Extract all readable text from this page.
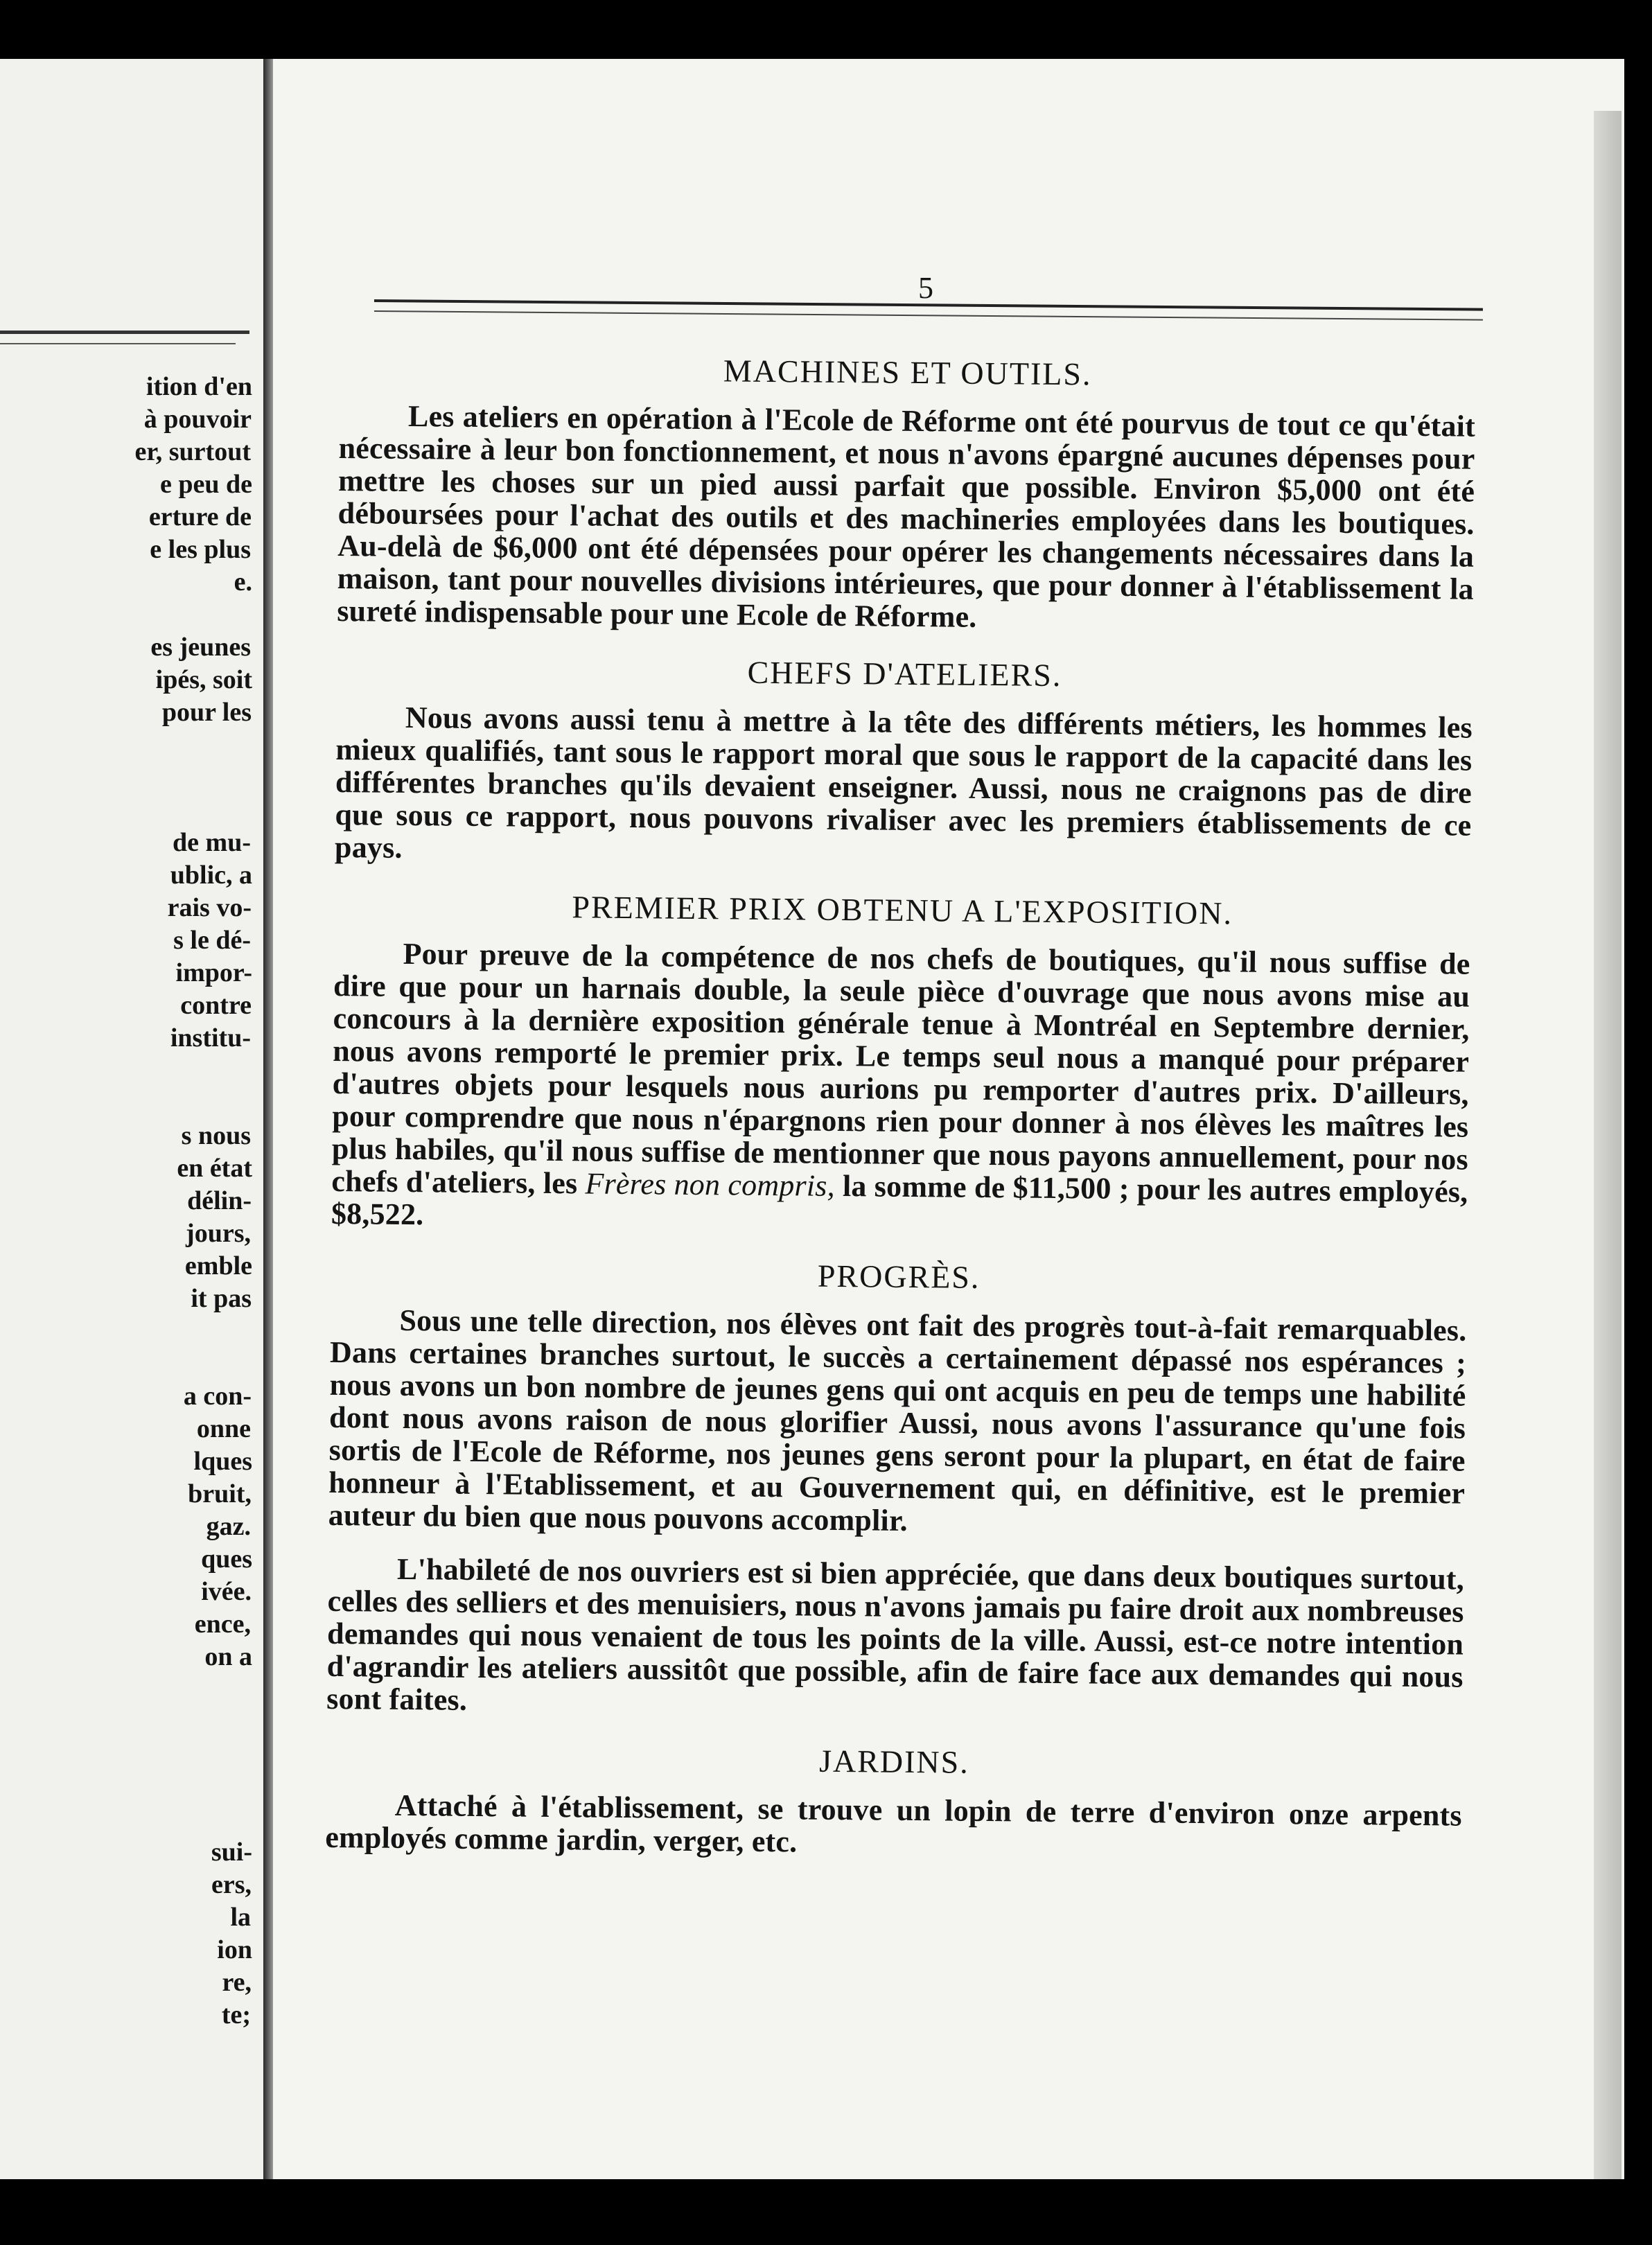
ition d'en
à pouvoir
er, surtout
e peu de
erture de
e les plus
e.
es jeunes
ipés, soit
pour les
de mu-
ublic, a
rais vo-
s le dé-
impor-
contre
institu-
s nous
en état
délin-
jours,
emble
it pas
a con-
onne
lques
bruit,
gaz.
ques
ivée.
ence,
on a
sui-
ers,
la
ion
re,
te;
5
MACHINES ET OUTILS.

Les ateliers en opération à l'Ecole de Réforme ont été pourvus de tout ce qu'était nécessaire à leur bon fonctionnement, et nous n'avons épargné aucunes dépenses pour mettre les choses sur un pied aussi parfait que possible. Environ $5,000 ont été déboursées pour l'achat des outils et des machineries employées dans les boutiques. Au-delà de $6,000 ont été dépensées pour opérer les changements nécessaires dans la maison, tant pour nouvelles divisions intérieures, que pour donner à l'établissement la sureté indispensable pour une Ecole de Réforme.

CHEFS D'ATELIERS.

Nous avons aussi tenu à mettre à la tête des différents métiers, les hommes les mieux qualifiés, tant sous le rapport moral que sous le rapport de la capacité dans les différentes branches qu'ils devaient enseigner. Aussi, nous ne craignons pas de dire que sous ce rapport, nous pouvons rivaliser avec les premiers établissements de ce pays.

PREMIER PRIX OBTENU A L'EXPOSITION.

Pour preuve de la compétence de nos chefs de boutiques, qu'il nous suffise de dire que pour un harnais double, la seule pièce d'ouvrage que nous avons mise au concours à la dernière exposition générale tenue à Montréal en Septembre dernier, nous avons remporté le premier prix. Le temps seul nous a manqué pour préparer d'autres objets pour lesquels nous aurions pu remporter d'autres prix. D'ailleurs, pour comprendre que nous n'épargnons rien pour donner à nos élèves les maîtres les plus habiles, qu'il nous suffise de mentionner que nous payons annuellement, pour nos chefs d'ateliers, les Frères non compris, la somme de $11,500 ; pour les autres employés, $8,522.

PROGRÈS.

Sous une telle direction, nos élèves ont fait des progrès tout-à-fait remarquables. Dans certaines branches surtout, le succès a certainement dépassé nos espérances ; nous avons un bon nombre de jeunes gens qui ont acquis en peu de temps une habilité dont nous avons raison de nous glorifier Aussi, nous avons l'assurance qu'une fois sortis de l'Ecole de Réforme, nos jeunes gens seront pour la plupart, en état de faire honneur à l'Etablissement, et au Gouvernement qui, en définitive, est le premier auteur du bien que nous pouvons accomplir.

L'habileté de nos ouvriers est si bien appréciée, que dans deux boutiques surtout, celles des selliers et des menuisiers, nous n'avons jamais pu faire droit aux nombreuses demandes qui nous venaient de tous les points de la ville. Aussi, est-ce notre intention d'agrandir les ateliers aussitôt que possible, afin de faire face aux demandes qui nous sont faites.

JARDINS.

Attaché à l'établissement, se trouve un lopin de terre d'environ onze arpents employés comme jardin, verger, etc.
